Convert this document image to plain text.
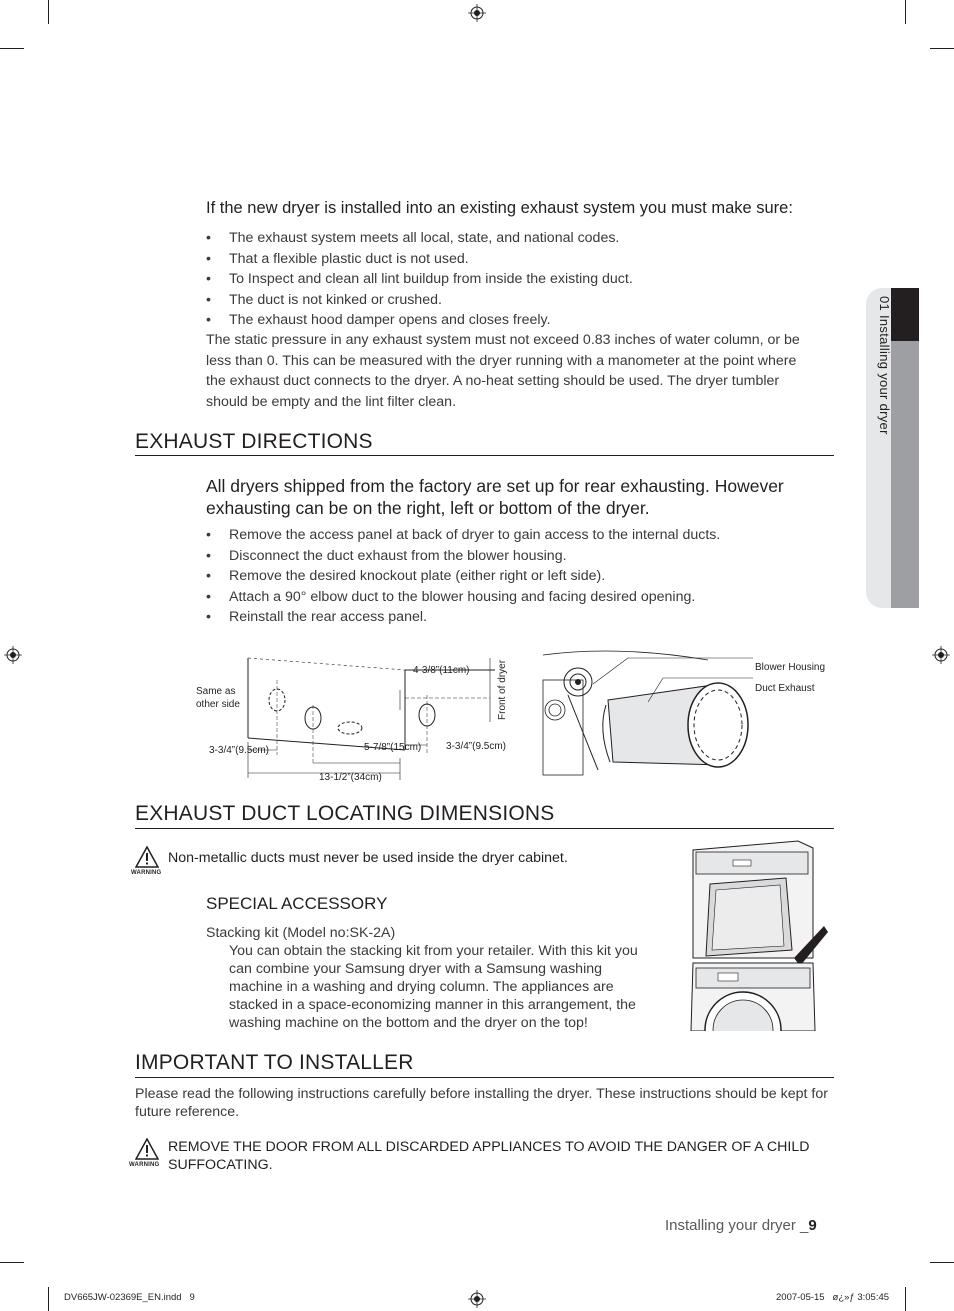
01 Installing your dryer
If the new dryer is installed into an existing exhaust system you must make sure:
• The exhaust system meets all local, state, and national codes.
• That a flexible plastic duct is not used.
• To Inspect and clean all lint buildup from inside the existing duct.
• The duct is not kinked or crushed.
• The exhaust hood damper opens and closes freely.
The static pressure in any exhaust system must not exceed 0.83 inches of water column, or be less than 0. This can be measured with the dryer running with a manometer at the point where the exhaust duct connects to the dryer. A no-heat setting should be used. The dryer tumbler should be empty and the lint filter clean.
EXHAUST DIRECTIONS
All dryers shipped from the factory are set up for rear exhausting. However exhausting can be on the right, left or bottom of the dryer.
• Remove the access panel at back of dryer to gain access to the internal ducts.
• Disconnect the duct exhaust from the blower housing.
• Remove the desired knockout plate (either right or left side).
• Attach a 90° elbow duct to the blower housing and facing desired opening.
• Reinstall the rear access panel.
Same as
other side
4-3/8”(11cm)	Front of dryer
3-3/4”(9.5cm)	5-7/8”(15cm) 3-3/4”(9.5cm)
13-1/2”(34cm)
Blower Housing
Duct Exhaust
EXHAUST DUCT LOCATING DIMENSIONS
WARNING
Non-metallic ducts must never be used inside the dryer cabinet.
SPECIAL ACCESSORY
Stacking kit (Model no:SK-2A)
You can obtain the stacking kit from your retailer. With this kit you can combine your Samsung dryer with a Samsung washing machine in a washing and drying column. The appliances are stacked in a space-economizing manner in this arrangement, the washing machine on the bottom and the dryer on the top!
IMPORTANT TO INSTALLER
Please read the following instructions carefully before installing the dryer. These instructions should be kept for future reference.
WARNING
REMOVE THE DOOR FROM ALL DISCARDED APPLIANCES TO AVOID THE DANGER OF A CHILD SUFFOCATING.
Installing your dryer _9
DV665JW-02369E_EN.indd   9	2007-05-15   ø¿»ƒ 3:05:45
